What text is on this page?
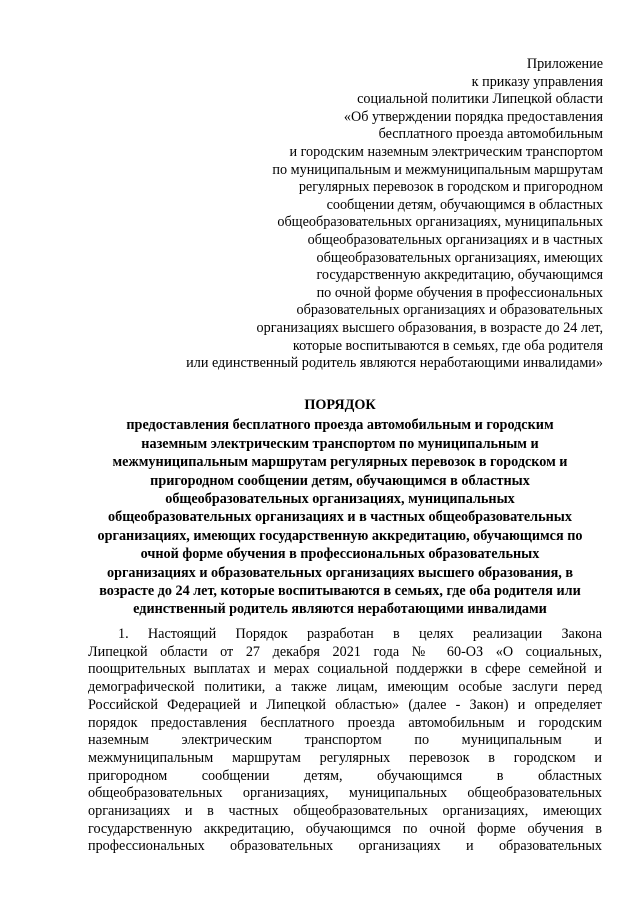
Приложение
к приказу управления
социальной политики Липецкой области
«Об утверждении порядка предоставления
бесплатного проезда автомобильным
и городским наземным электрическим транспортом
по муниципальным и межмуниципальным маршрутам
регулярных перевозок в городском и пригородном
сообщении детям, обучающимся в областных
общеобразовательных организациях, муниципальных
общеобразовательных организациях и в частных
общеобразовательных организациях, имеющих
государственную аккредитацию, обучающимся
по очной форме обучения в профессиональных
образовательных организациях и образовательных
организациях высшего образования, в возрасте до 24 лет,
которые воспитываются в семьях, где оба родителя
или единственный родитель являются неработающими инвалидами»
ПОРЯДОК
предоставления бесплатного проезда автомобильным и городским
наземным электрическим транспортом по муниципальным и
межмуниципальным маршрутам регулярных перевозок в городском и
пригородном сообщении детям, обучающимся в областных
общеобразовательных организациях, муниципальных
общеобразовательных организациях и в частных общеобразовательных
организациях, имеющих государственную аккредитацию, обучающимся по
очной форме обучения в профессиональных образовательных
организациях и образовательных организациях высшего образования, в
возрасте до 24 лет, которые воспитываются в семьях, где оба родителя или
единственный родитель являются неработающими инвалидами
1. Настоящий Порядок разработан в целях реализации Закона
Липецкой области от 27 декабря 2021 года № 60-ОЗ «О социальных,
поощрительных выплатах и мерах социальной поддержки в сфере семейной и
демографической политики, а также лицам, имеющим особые заслуги перед
Российской Федерацией и Липецкой областью» (далее - Закон) и определяет
порядок предоставления бесплатного проезда автомобильным и городским
наземным электрическим транспортом по муниципальным и
межмуниципальным маршрутам регулярных перевозок в городском и
пригородном сообщении детям, обучающимся в областных
общеобразовательных организациях, муниципальных общеобразовательных
организациях и в частных общеобразовательных организациях, имеющих
государственную аккредитацию, обучающимся по очной форме обучения в
профессиональных образовательных организациях и образовательных
